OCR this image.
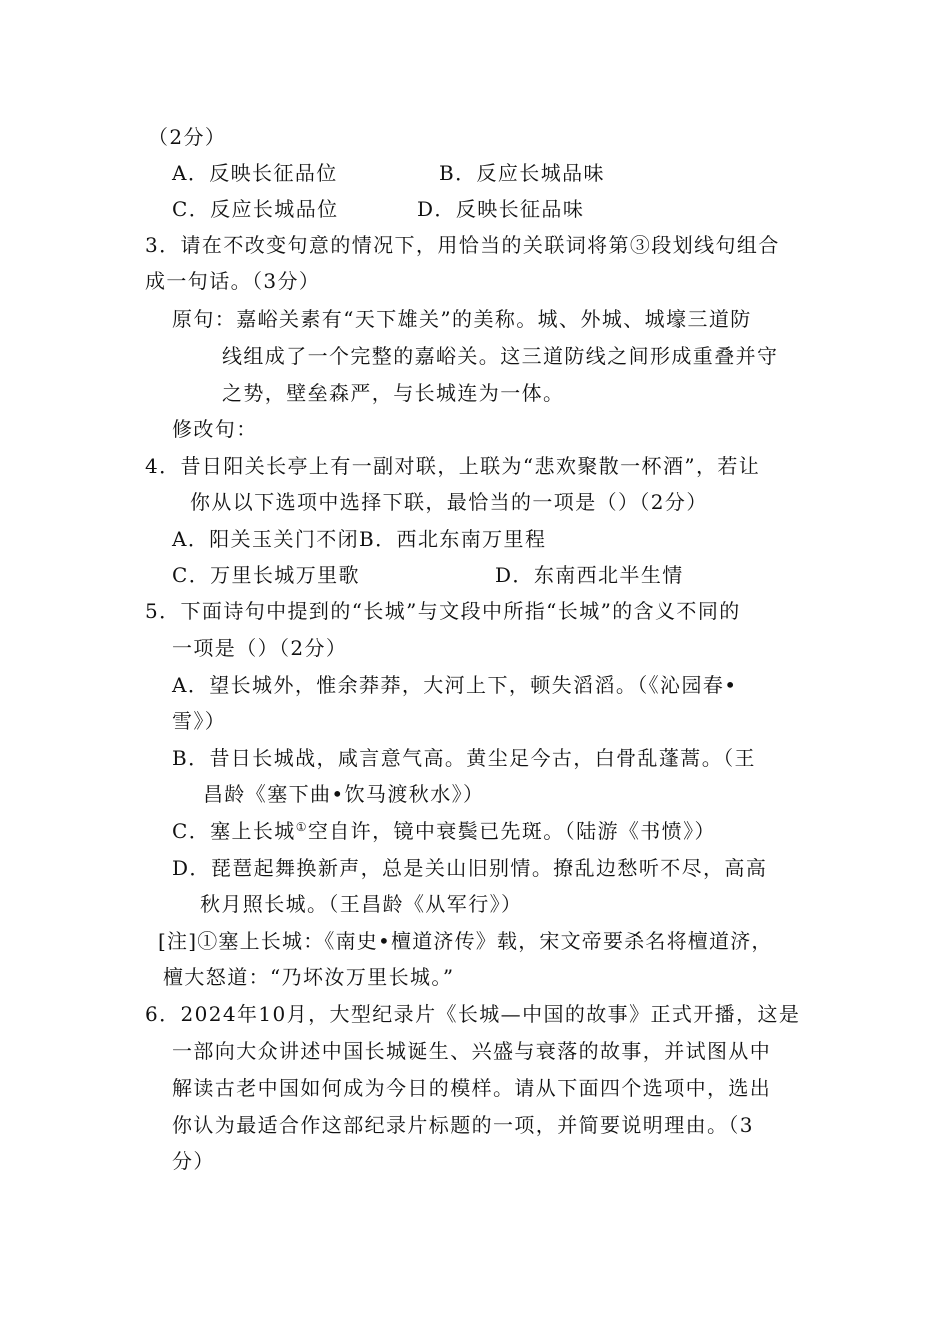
（2分）
A．反映长征品位	B．反应长城品味
C．反应长城品位	D．反映长征品味
3．请在不改变句意的情况下，用恰当的关联词将第③段划线句组合
成一句话。（3分）
原句：嘉峪关素有“天下雄关”的美称。城、外城、城壕三道防
线组成了一个完整的嘉峪关。这三道防线之间形成重叠并守
之势，壁垒森严，与长城连为一体。
修改句：
4．昔日阳关长亭上有一副对联，上联为“悲欢聚散一杯酒”，若让
你从以下选项中选择下联，最恰当的一项是（）（2分）
A．阳关玉关门不闭B．西北东南万里程
C．万里长城万里歌	D．东南西北半生情
5．下面诗句中提到的“长城”与文段中所指“长城”的含义不同的
一项是（）（2分）
A．望长城外，惟余莽莽，大河上下，顿失滔滔。（《沁园春•
雪》）
B．昔日长城战，咸言意气高。黄尘足今古，白骨乱蓬蒿。（王
昌龄《塞下曲•饮马渡秋水》）
C．塞上长城①空自许，镜中衰鬓已先斑。（陆游《书愤》）
D．琵琶起舞换新声，总是关山旧别情。撩乱边愁听不尽，高高
秋月照长城。（王昌龄《从军行》）
[注]①塞上长城：《南史•檀道济传》载，宋文帝要杀名将檀道济，
檀大怒道：“乃坏汝万里长城。”
6．2024年10月，大型纪录片《长城—中国的故事》正式开播，这是
一部向大众讲述中国长城诞生、兴盛与衰落的故事，并试图从中
解读古老中国如何成为今日的模样。请从下面四个选项中，选出
你认为最适合作这部纪录片标题的一项，并简要说明理由。（3
分）
